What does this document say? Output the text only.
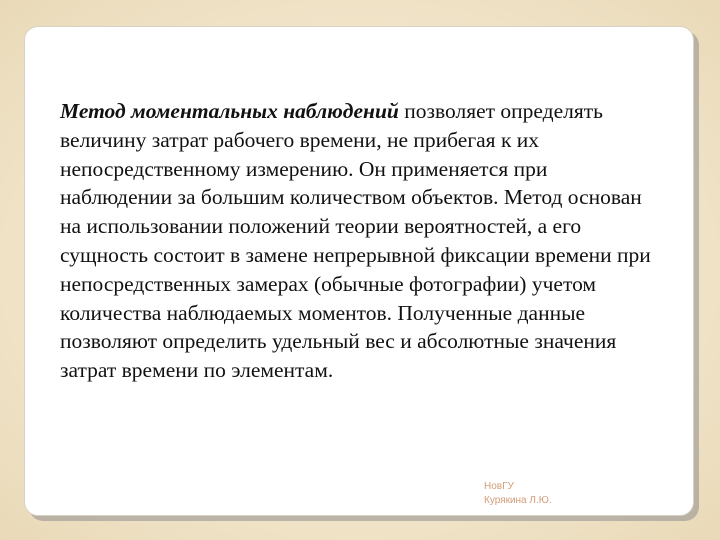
Метод моментальных наблюдений позволяет определять величину затрат рабочего времени, не прибегая к их непосредственному измерению. Он применяется при наблюдении за большим количеством объектов. Метод основан на использовании положений теории вероятностей, а его сущность состоит в замене непрерывной фиксации времени при непосредственных замерах (обычные фотографии) учетом количества наблюдаемых моментов. Полученные данные позволяют определить удельный вес и абсолютные значения затрат времени по элементам.

НовГУ
Курякина Л.Ю.
